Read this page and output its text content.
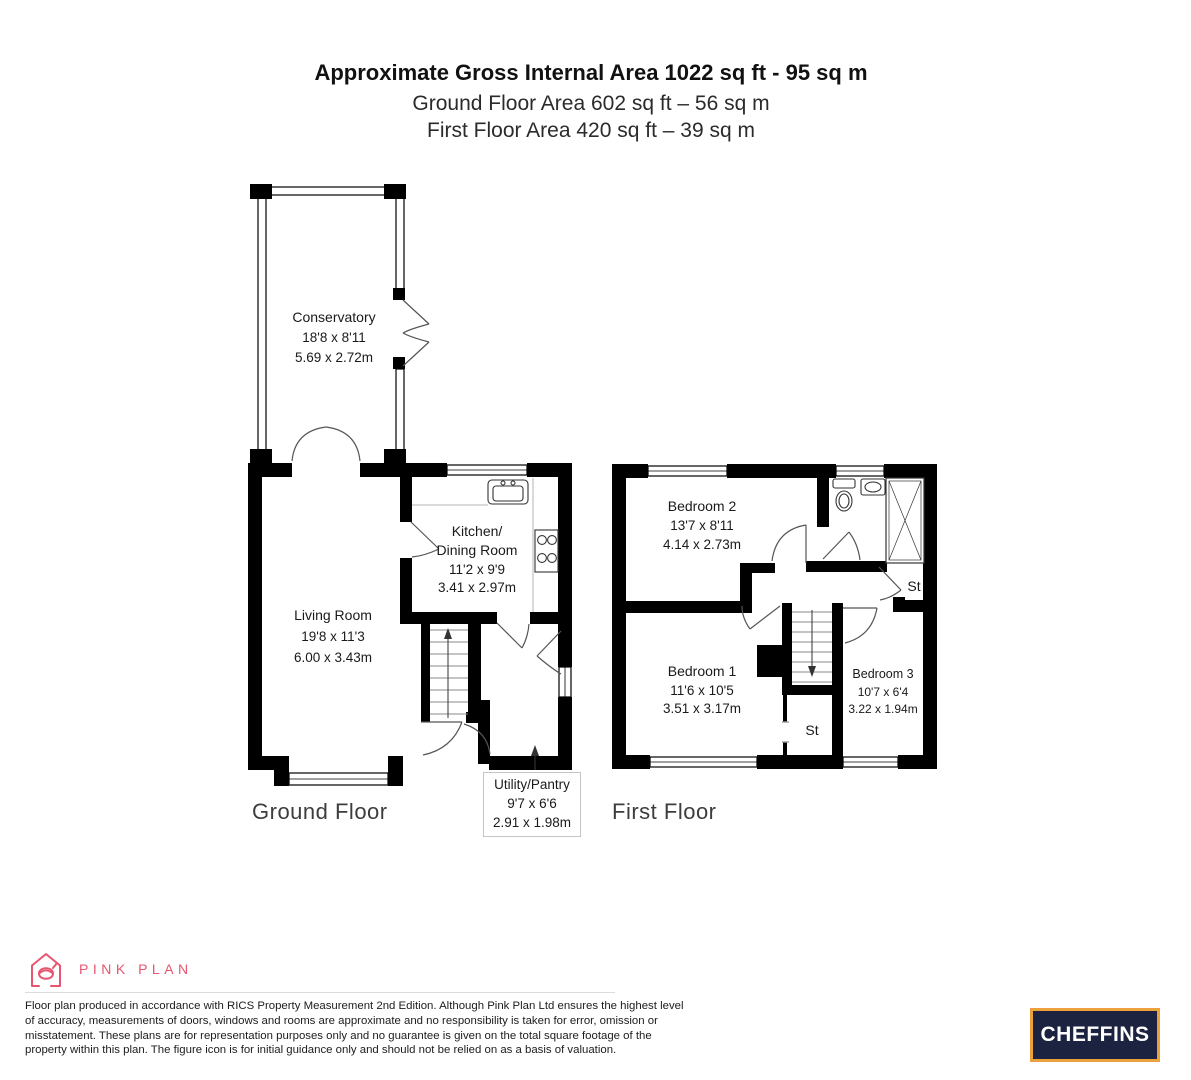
Approximate Gross Internal Area 1022 sq ft - 95 sq m
Ground Floor Area 602 sq ft – 56 sq m
First Floor Area 420 sq ft – 39 sq m
Conservatory
18'8 x 8'11
5.69 x 2.72m
Kitchen/
Dining Room
11'2 x 9'9
3.41 x 2.97m
Living Room
19'8 x 11'3
6.00 x 3.43m
Bedroom 2
13'7 x 8'11
4.14 x 2.73m
Bedroom 1
11'6 x 10'5
3.51 x 3.17m
Bedroom 3
10'7 x 6'4
3.22 x 1.94m
St
St
Utility/Pantry
9'7 x 6'6
2.91 x 1.98m
Ground Floor	First Floor
PINK PLAN
Floor plan produced in accordance with RICS Property Measurement 2nd Edition. Although Pink Plan Ltd ensures the highest level of accuracy, measurements of doors, windows and rooms are approximate and no responsibility is taken for error, omission or misstatement. These plans are for representation purposes only and no guarantee is given on the total square footage of the property within this plan. The figure icon is for initial guidance only and should not be relied on as a basis of valuation.
CHEFFINS
